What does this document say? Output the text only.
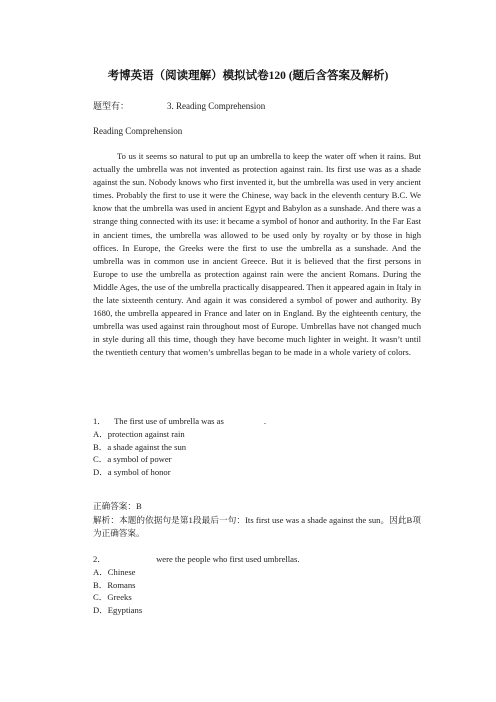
考博英语（阅读理解）模拟试卷120 (题后含答案及解析)
题型有：	3. Reading Comprehension
Reading Comprehension
To us it seems so natural to put up an umbrella to keep the water off when it rains. But actually the umbrella was not invented as protection against rain. Its first use was as a shade against the sun. Nobody knows who first invented it, but the umbrella was used in very ancient times. Probably the first to use it were the Chinese, way back in the eleventh century B.C. We know that the umbrella was used in ancient Egypt and Babylon as a sunshade. And there was a strange thing connected with its use: it became a symbol of honor and authority. In the Far East in ancient times, the umbrella was allowed to be used only by royalty or by those in high offices. In Europe, the Greeks were the first to use the umbrella as a sunshade. And the umbrella was in common use in ancient Greece. But it is believed that the first persons in Europe to use the umbrella as protection against rain were the ancient Romans. During the Middle Ages, the use of the umbrella practically disappeared. Then it appeared again in Italy in the late sixteenth century. And again it was considered a symbol of power and authority. By 1680, the umbrella appeared in France and later on in England. By the eighteenth century, the umbrella was used against rain throughout most of Europe. Umbrellas have not changed much in style during all this time, though they have become much lighter in weight. It wasn’t until the twentieth century that women’s umbrellas began to be made in a whole variety of colors.
1． The first use of umbrella was as	.
A．protection against rain
B．a shade against the sun
C．a symbol of power
D．a symbol of honor
正确答案：B
解析：本题的依据句是第1段最后一句：Its first use was a shade against the sun。因此B项为正确答案。
2．	were the people who first used umbrellas.
A．Chinese
B．Romans
C．Greeks
D．Egyptians
